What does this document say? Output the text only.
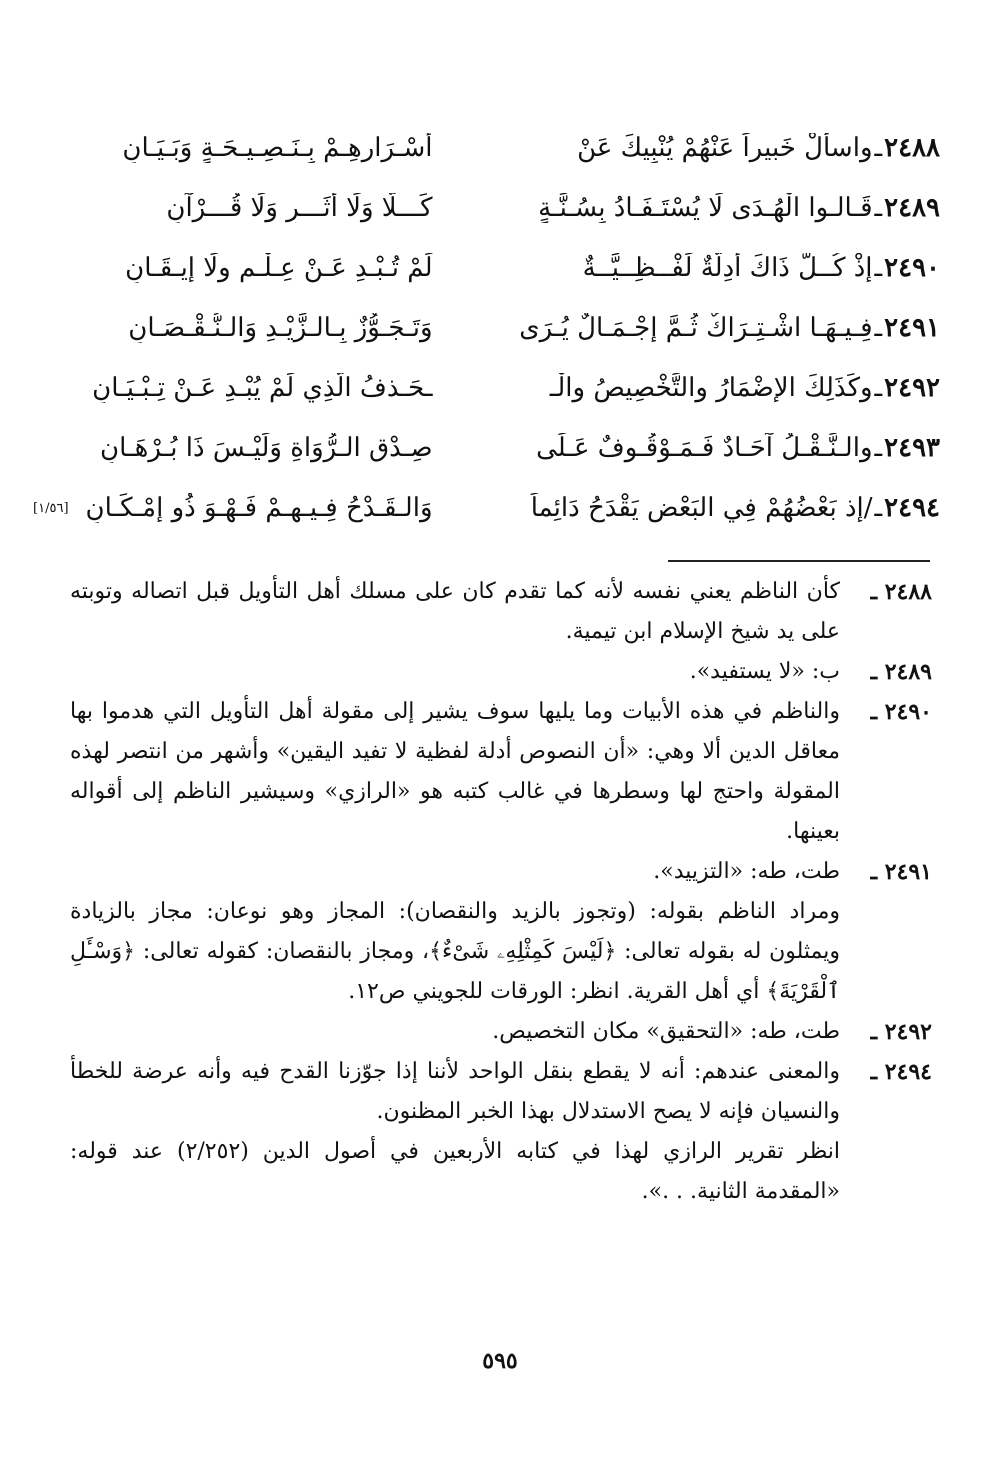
٢٤٨٨
ـ
واسألْ خَبيراً عَنْهُمْ يُنْبِيكَ عَنْ
أسْـرَارِهِـمْ بِـنَـصِـيـحَـةٍ وَبَـيَـانِ
٢٤٨٩
ـ
قَـالـوا الْهُـدَى لَا يُسْتَـفَـادُ بِسُـنَّـةٍ
كَـــلَّا وَلَا أثَـــرٍ وَلَا قُـــرْآنِ
٢٤٩٠
ـ
إذْ كُــلُّ ذَاكَ أدِلَّةٌ لَفْــظِــيَّــةٌ
لَمْ تُـبْـدِ عَـنْ عِـلْـمٍ ولَا إيـقَـانِ
٢٤٩١
ـ
فِـيـهَـا اشْـتِـرَاكٌ ثُـمَّ إجْـمَـالٌ يُـرَى
وَتَـجَـوُّزٌ بِـالـزَّيْـدِ وَالـنُّـقْـصَـانِ
٢٤٩٢
ـ
وكَذَلِكَ الإضْمَارُ والتَّخْصِيصُ والْـ
ـحَـذفُ الَّذِي لَمْ يُبْـدِ عَـنْ تِـبْـيَـانِ
٢٤٩٣
ـ
والـنَّـقْـلُ آحَـادٌ فَـمَـوْقُـوفٌ عَـلَى
صِـدْقِ الـرُّوَاةِ وَلَيْـسَ ذَا بُـرْهَـانِ
٢٤٩٤
ـ
/إذ بَعْضُهُمْ فِي البَعْضِ يَقْدَحُ دَائِماً
وَالـقَـدْحُ فِـيـهِـمْ فَـهْـوَ ذُو إمْـكَـانِ
[١/٥٦]
٢٤٨٨ ـ
كأن الناظم يعني نفسه لأنه كما تقدم كان على مسلك أهل التأويل قبل اتصاله وتوبته على يد شيخ الإسلام ابن تيمية.
٢٤٨٩ ـ
ب: «لا يستفيد».
٢٤٩٠ ـ
والناظم في هذه الأبيات وما يليها سوف يشير إلى مقولة أهل التأويل التي هدموا بها معاقل الدين ألا وهي: «أن النصوص أدلة لفظية لا تفيد اليقين» وأشهر من انتصر لهذه المقولة واحتج لها وسطرها في غالب كتبه هو «الرازي» وسيشير الناظم إلى أقواله بعينها.
٢٤٩١ ـ
طت، طه: «التزييد».
ومراد الناظم بقوله: (وتجوز بالزيد والنقصان): المجاز وهو نوعان: مجاز بالزيادة ويمثلون له بقوله تعالى: ﴿لَيْسَ كَمِثْلِهِۦ شَىْءٌ﴾، ومجاز بالنقصان: كقوله تعالى: ﴿وَسْـَٔلِ ٱلْقَرْيَةَ﴾ أي أهل القرية. انظر: الورقات للجويني ص١٢.
٢٤٩٢ ـ
طت، طه: «التحقيق» مكان التخصيص.
٢٤٩٤ ـ
والمعنى عندهم: أنه لا يقطع بنقل الواحد لأننا إذا جوّزنا القدح فيه وأنه عرضة للخطأ والنسيان فإنه لا يصح الاستدلال بهذا الخبر المظنون.
انظر تقرير الرازي لهذا في كتابه الأربعين في أصول الدين (٢/٢٥٢) عند قوله: «المقدمة الثانية. . .».
٥٩٥
